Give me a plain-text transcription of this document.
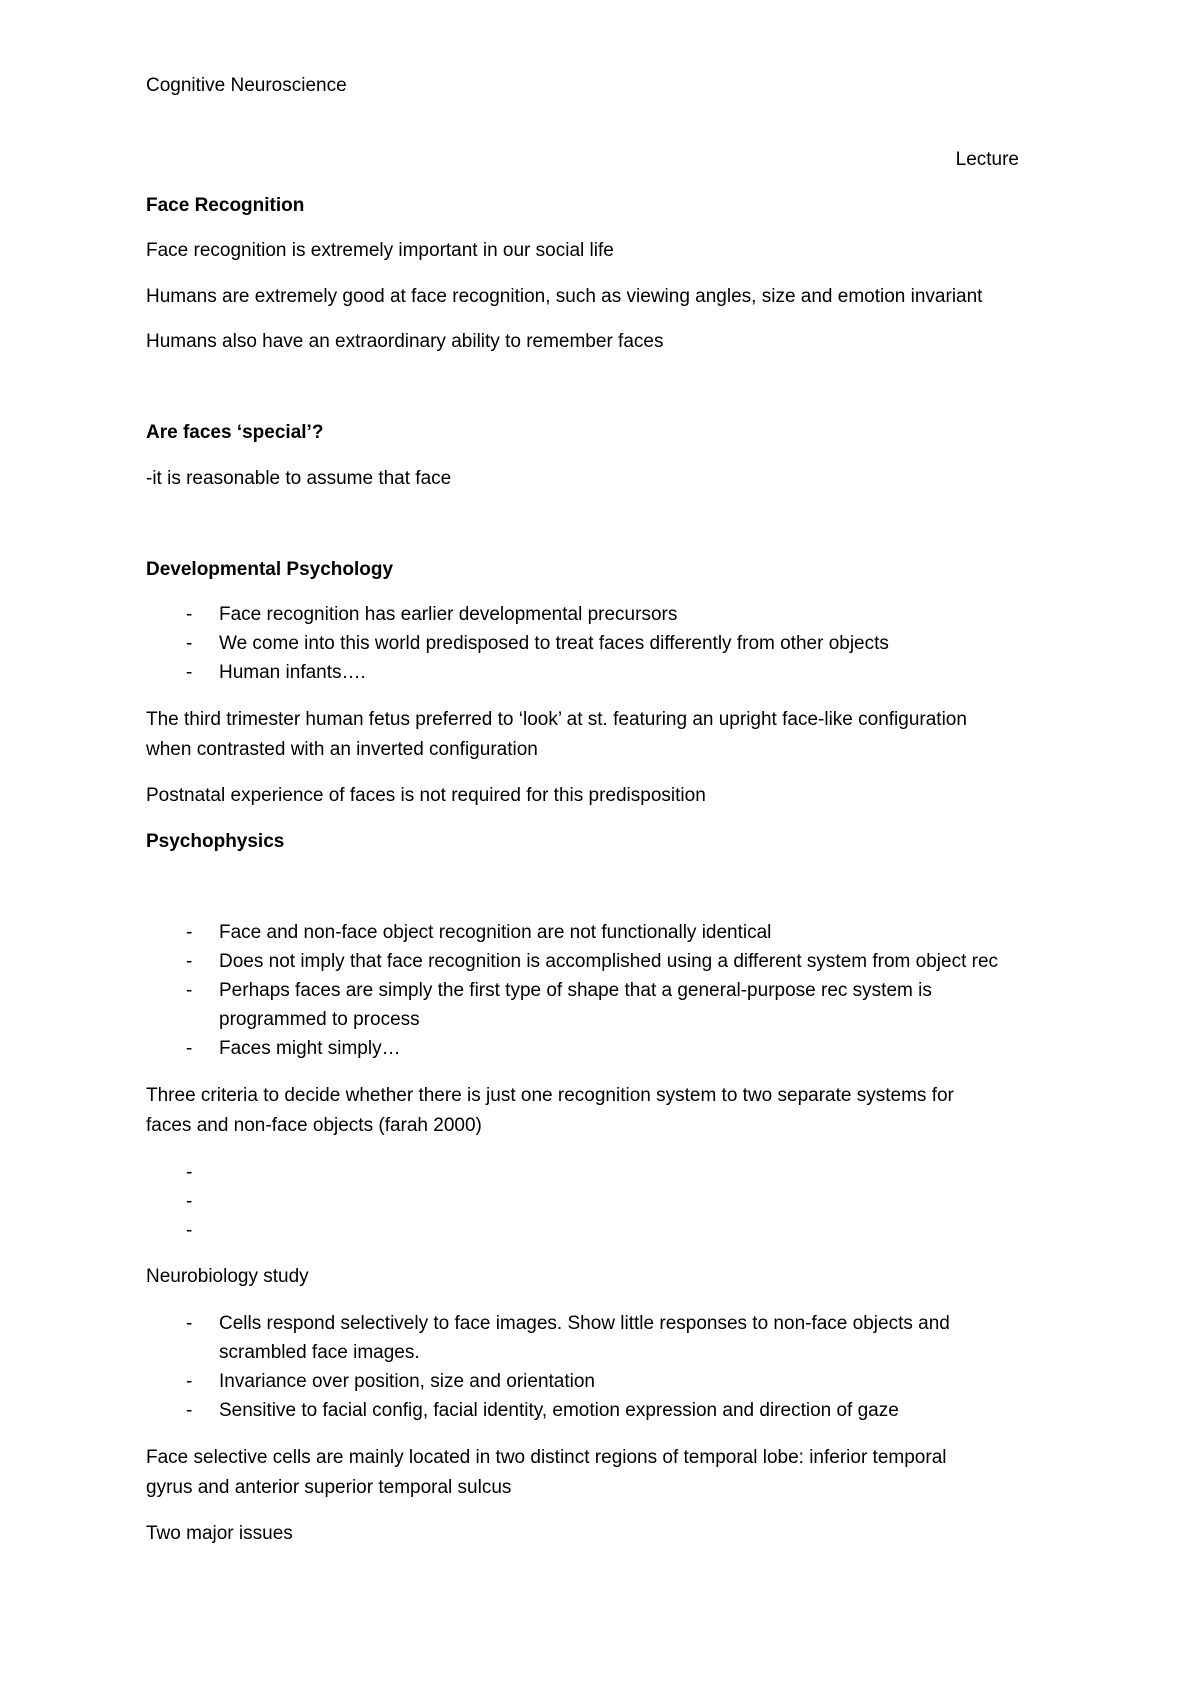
Cognitive Neuroscience
Lecture
Face Recognition
Face recognition is extremely important in our social life
Humans are extremely good at face recognition, such as viewing angles, size and emotion invariant
Humans also have an extraordinary ability to remember faces
Are faces ‘special’?
-it is reasonable to assume that face
Developmental Psychology
- Face recognition has earlier developmental precursors
- We come into this world predisposed to treat faces differently from other objects
- Human infants….
The third trimester human fetus preferred to ‘look’ at st. featuring an upright face-like configuration
when contrasted with an inverted configuration
Postnatal experience of faces is not required for this predisposition
Psychophysics
- Face and non-face object recognition are not functionally identical
- Does not imply that face recognition is accomplished using a different system from object rec
- Perhaps faces are simply the first type of shape that a general-purpose rec system is
programmed to process
- Faces might simply…
Three criteria to decide whether there is just one recognition system to two separate systems for
faces and non-face objects (farah 2000)
-
-
-
Neurobiology study
- Cells respond selectively to face images. Show little responses to non-face objects and
scrambled face images.
- Invariance over position, size and orientation
- Sensitive to facial config, facial identity, emotion expression and direction of gaze
Face selective cells are mainly located in two distinct regions of temporal lobe: inferior temporal
gyrus and anterior superior temporal sulcus
Two major issues
